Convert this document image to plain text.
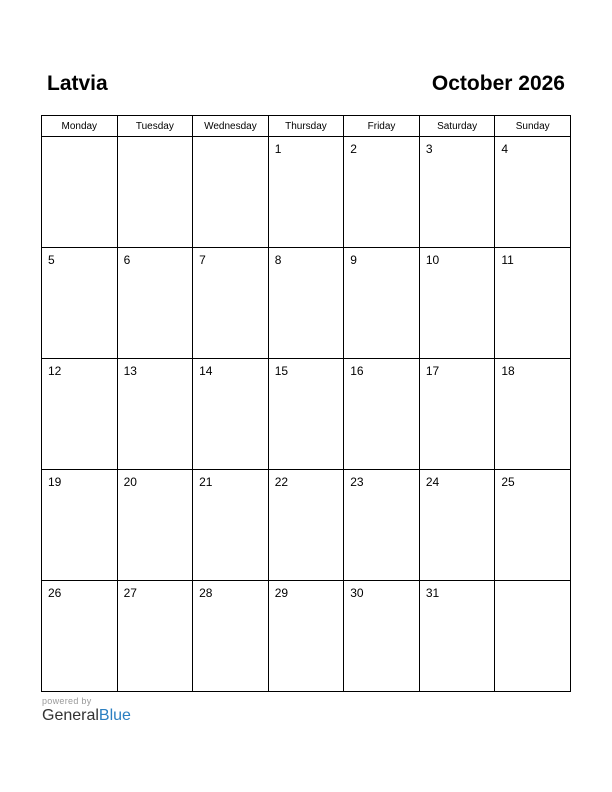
Latvia	October 2026
Monday	Tuesday	Wednesday	Thursday	Friday	Saturday	Sunday

			1	2	3	4

5	6	7	8	9	10	11

12	13	14	15	16	17	18

19	20	21	22	23	24	25

26	27	28	29	30	31	

powered by
GeneralBlue
